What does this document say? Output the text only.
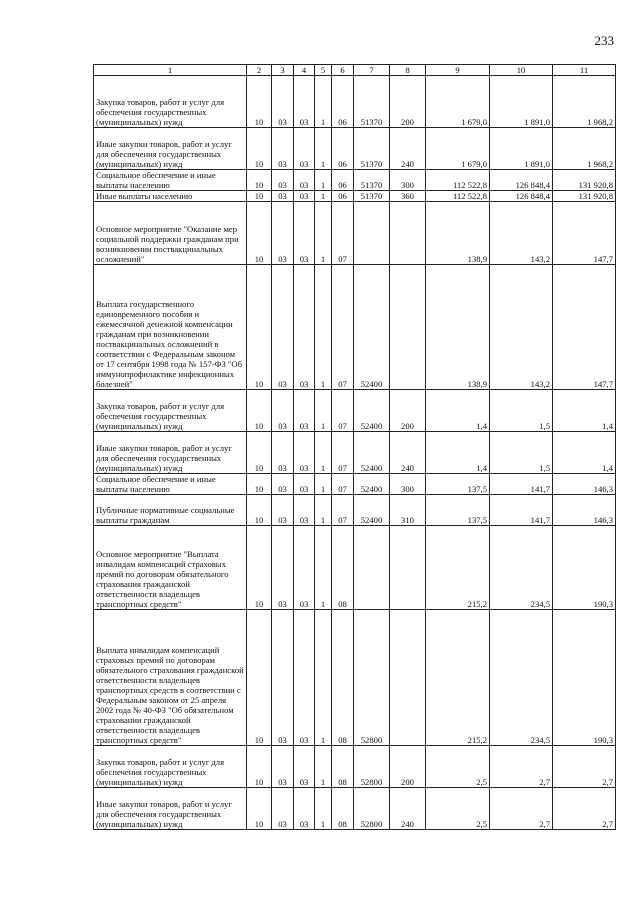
233
1	2	3	4	5	6	7	8	9	10	11
Закупка товаров, работ и услуг для обеспечения государственных (муниципальных) нужд	10	03	03	1	06	51370	200	1 679,0	1 891,0	1 968,2
Иные закупки товаров, работ и услуг для обеспечения государственных (муниципальных) нужд	10	03	03	1	06	51370	240	1 679,0	1 891,0	1 968,2
Социальное обеспечение и иные выплаты населению	10	03	03	1	06	51370	300	112 522,8	126 848,4	131 920,8
Иные выплаты населению	10	03	03	1	06	51370	360	112 522,8	126 848,4	131 920,8
Основное мероприятие "Оказание мер социальной поддержки гражданам при возникновении поствакцинальных осложнений"	10	03	03	1	07			138,9	143,2	147,7
Выплата государственного единовременного пособия и ежемесячной денежной компенсации гражданам при возникновении поствакцинальных осложнений в соответствии с Федеральным законом от 17 сентября 1998 года № 157-ФЗ "Об иммунопрофилактике инфекционных болезней"	10	03	03	1	07	52400		138,9	143,2	147,7
Закупка товаров, работ и услуг для обеспечения государственных (муниципальных) нужд	10	03	03	1	07	52400	200	1,4	1,5	1,4
Иные закупки товаров, работ и услуг для обеспечения государственных (муниципальных) нужд	10	03	03	1	07	52400	240	1,4	1,5	1,4
Социальное обеспечение и иные выплаты населению	10	03	03	1	07	52400	300	137,5	141,7	146,3
Публичные нормативные социальные выплаты гражданам	10	03	03	1	07	52400	310	137,5	141,7	146,3
Основное мероприятие "Выплата инвалидам компенсаций страховых премий по договорам обязательного страхования гражданской ответственности владельцев транспортных средств"	10	03	03	1	08			215,2	234,5	190,3
Выплата инвалидам компенсаций страховых премий по договорам обязательного страхования гражданской ответственности владельцев транспортных средств в соответствии с Федеральным законом от 25 апреля 2002 года № 40-ФЗ "Об обязательном страховании гражданской ответственности владельцев транспортных средств"	10	03	03	1	08	52800		215,2	234,5	190,3
Закупка товаров, работ и услуг для обеспечения государственных (муниципальных) нужд	10	03	03	1	08	52800	200	2,5	2,7	2,7
Иные закупки товаров, работ и услуг для обеспечения государственных (муниципальных) нужд	10	03	03	1	08	52800	240	2,5	2,7	2,7
